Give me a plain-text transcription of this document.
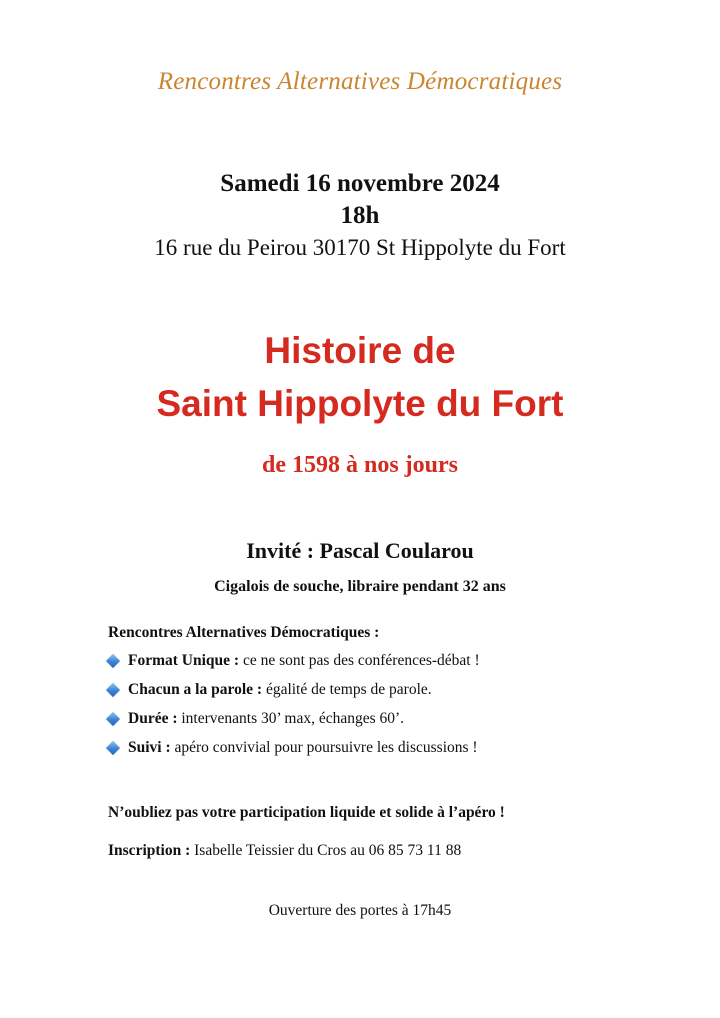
Rencontres Alternatives Démocratiques
Samedi 16 novembre 2024
18h
16 rue du Peirou 30170 St Hippolyte du Fort
Histoire de
Saint Hippolyte du Fort
de 1598 à nos jours
Invité : Pascal Coularou
Cigalois de souche, libraire pendant 32 ans
Rencontres Alternatives Démocratiques :
Format Unique : ce ne sont pas des conférences-débat !
Chacun a la parole : égalité de temps de parole.
Durée : intervenants 30’ max, échanges 60’.
Suivi : apéro convivial pour poursuivre les discussions !
N’oubliez pas votre participation liquide et solide à l’apéro !
Inscription : Isabelle Teissier du Cros au 06 85 73 11 88
Ouverture des portes à 17h45
